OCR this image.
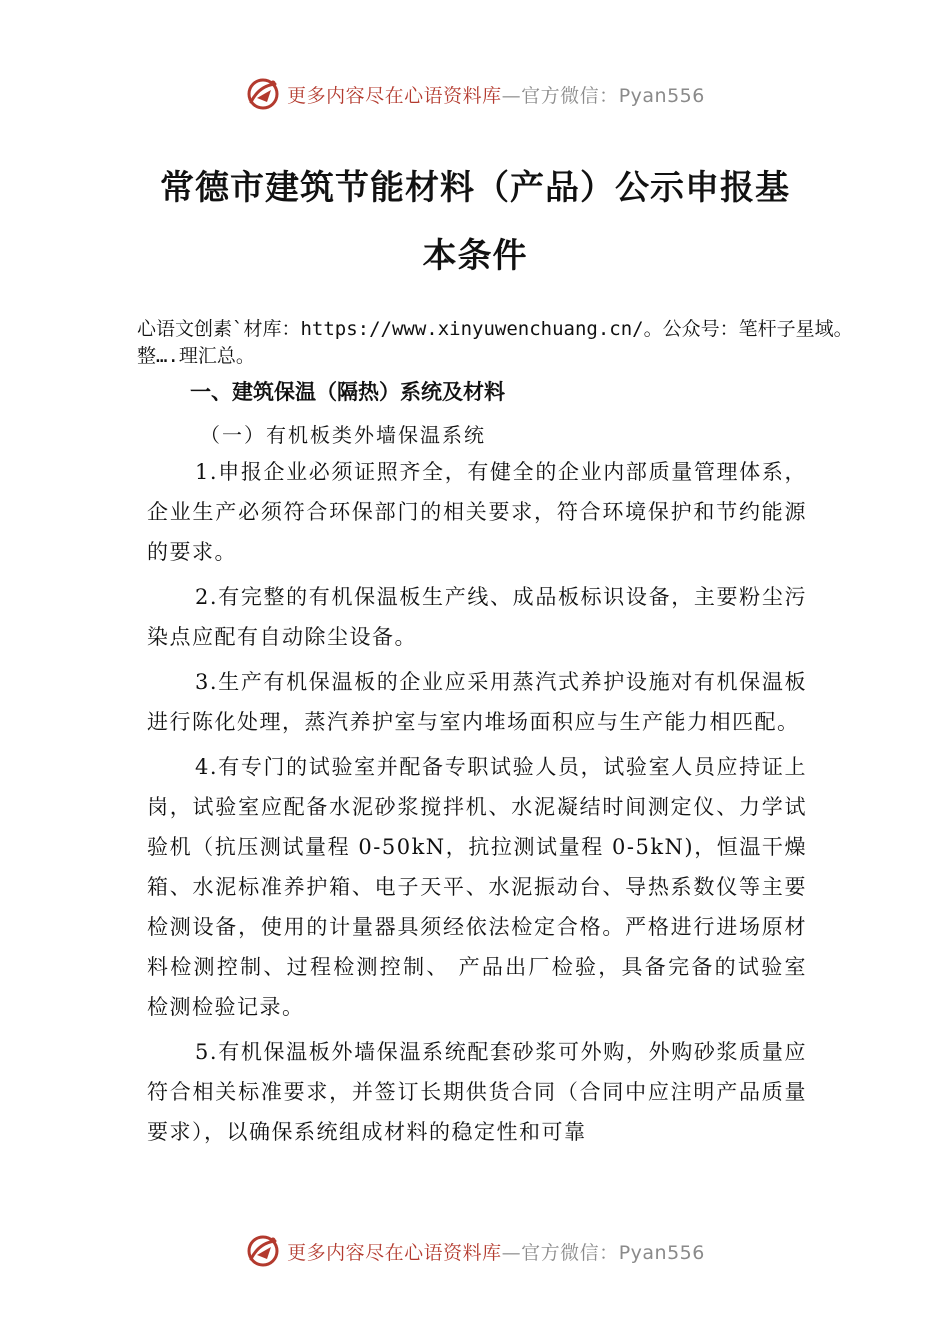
更多内容尽在心语资料库—官方微信：Pyan556
常德市建筑节能材料（产品）公示申报基
本条件
心语文创素`材库：https://www.xinyuwenchuang.cn/。公众号：笔杆子星域。整….理汇总。
一、建筑保温（隔热）系统及材料
（一）有机板类外墙保温系统

1.申报企业必须证照齐全，有健全的企业内部质量管理体系，企业生产必须符合环保部门的相关要求，符合环境保护和节约能源的要求。

2.有完整的有机保温板生产线、成品板标识设备，主要粉尘污染点应配有自动除尘设备。

3.生产有机保温板的企业应采用蒸汽式养护设施对有机保温板进行陈化处理，蒸汽养护室与室内堆场面积应与生产能力相匹配。

4.有专门的试验室并配备专职试验人员，试验室人员应持证上岗，试验室应配备水泥砂浆搅拌机、水泥凝结时间测定仪、力学试验机（抗压测试量程 0-50kN，抗拉测试量程 0-5kN)，恒温干燥箱、水泥标准养护箱、电子天平、水泥振动台、导热系数仪等主要检测设备，使用的计量器具须经依法检定合格。严格进行进场原材料检测控制、过程检测控制、 产品出厂检验，具备完备的试验室检测检验记录。

5.有机保温板外墙保温系统配套砂浆可外购，外购砂浆质量应符合相关标准要求，并签订长期供货合同（合同中应注明产品质量要求），以确保系统组成材料的稳定性和可靠

更多内容尽在心语资料库—官方微信：Pyan556
